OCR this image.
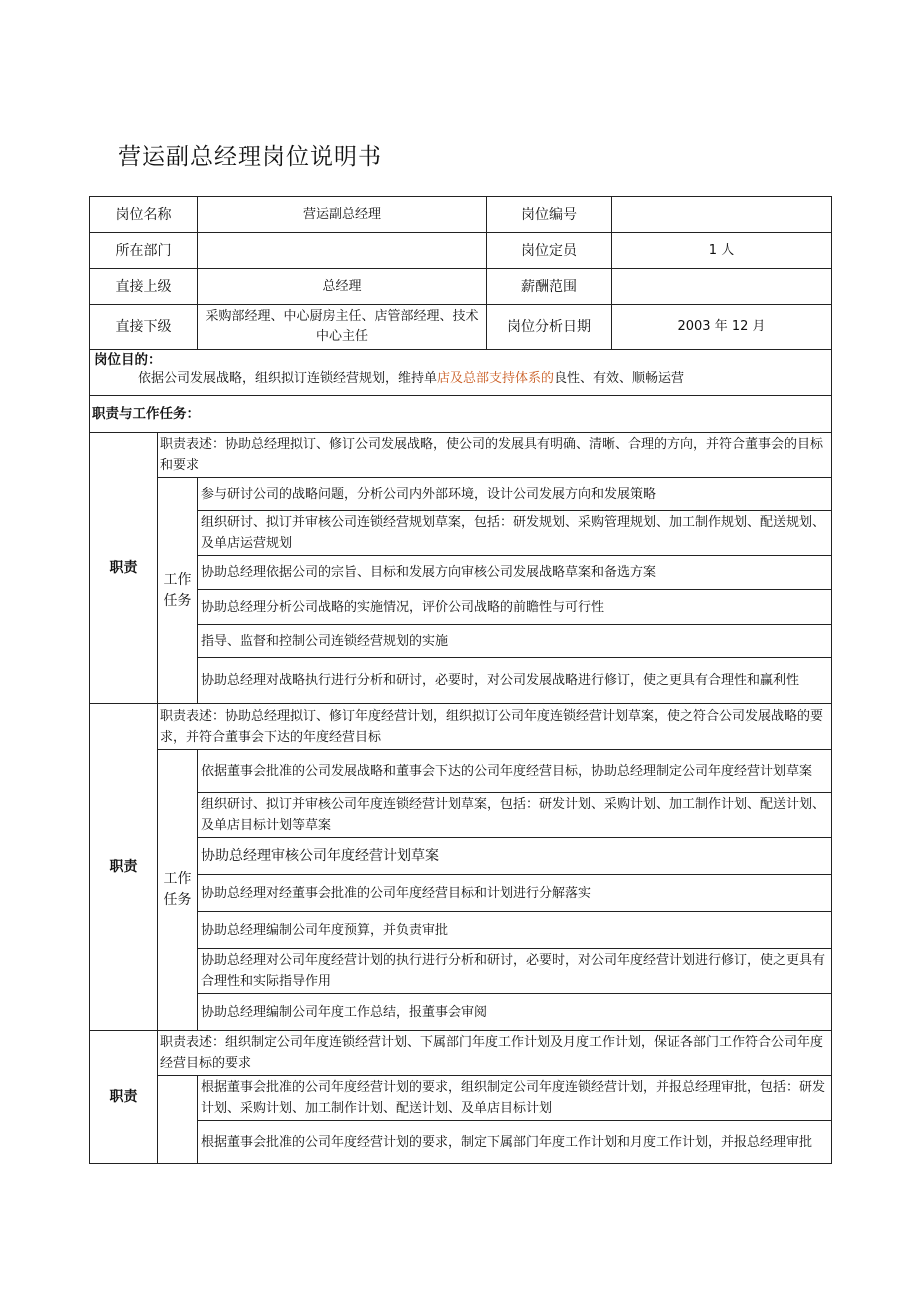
营运副总经理岗位说明书
岗位名称		营运副总经理	岗位编号	
所在部门			岗位定员	1 人
直接上级		总经理	薪酬范围	
直接下级		采购部经理、中心厨房主任、店管部经理、技术中心主任	岗位分析日期	2003 年 12 月

岗位目的：
依据公司发展战略，组织拟订连锁经营规划，维持单店及总部支持体系的良性、有效、顺畅运营				

职责与工作任务：				
职责	职责表述：协助总经理拟订、修订公司发展战略，使公司的发展具有明确、清晰、合理的方向，并符合董事会的目标和要求			
	工作任务	参与研讨公司的战略问题，分析公司内外部环境，设计公司发展方向和发展策略		
		组织研讨、拟订并审核公司连锁经营规划草案，包括：研发规划、采购管理规划、加工制作规划、配送规划、及单店运营规划		
		协助总经理依据公司的宗旨、目标和发展方向审核公司发展战略草案和备选方案		
		协助总经理分析公司战略的实施情况，评价公司战略的前瞻性与可行性		
		指导、监督和控制公司连锁经营规划的实施		
		协助总经理对战略执行进行分析和研讨，必要时，对公司发展战略进行修订，使之更具有合理性和赢利性		
职责	职责表述：协助总经理拟订、修订年度经营计划，组织拟订公司年度连锁经营计划草案，使之符合公司发展战略的要求，并符合董事会下达的年度经营目标			
	工作任务	依据董事会批准的公司发展战略和董事会下达的公司年度经营目标，协助总经理制定公司年度经营计划草案		
		组织研讨、拟订并审核公司年度连锁经营计划草案，包括：研发计划、采购计划、加工制作计划、配送计划、及单店目标计划等草案		
		协助总经理审核公司年度经营计划草案		
		协助总经理对经董事会批准的公司年度经营目标和计划进行分解落实		
		协助总经理编制公司年度预算，并负责审批		
		协助总经理对公司年度经营计划的执行进行分析和研讨，必要时，对公司年度经营计划进行修订，使之更具有合理性和实际指导作用		
		协助总经理编制公司年度工作总结，报董事会审阅		
职责	职责表述：组织制定公司年度连锁经营计划、下属部门年度工作计划及月度工作计划，保证各部门工作符合公司年度经营目标的要求			
		根据董事会批准的公司年度经营计划的要求，组织制定公司年度连锁经营计划，并报总经理审批，包括：研发计划、采购计划、加工制作计划、配送计划、及单店目标计划		
		根据董事会批准的公司年度经营计划的要求，制定下属部门年度工作计划和月度工作计划，并报总经理审批		
